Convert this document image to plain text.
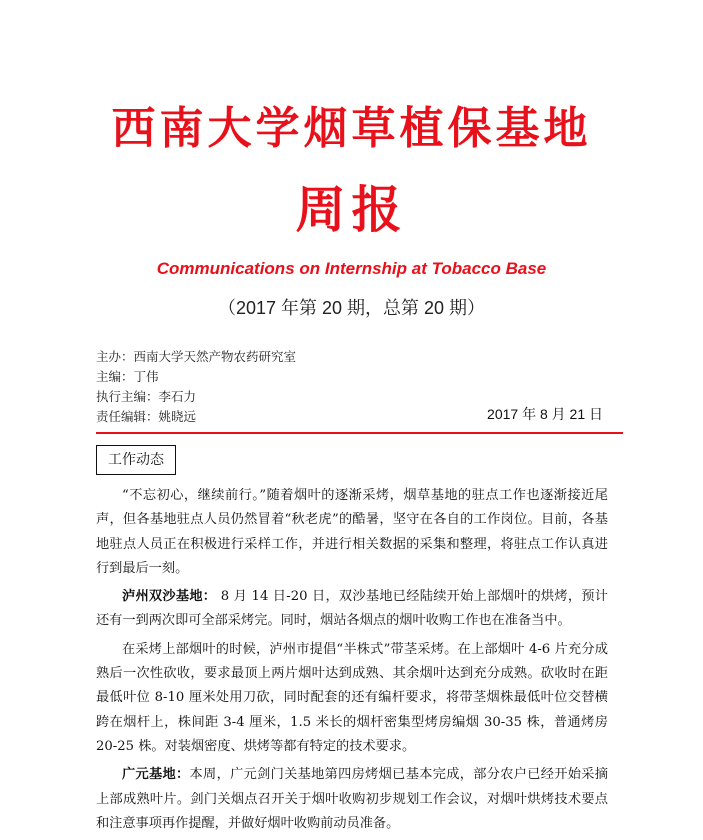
西南大学烟草植保基地
周报
Communications on Internship at Tobacco Base
（2017 年第 20 期，总第 20 期）
主办：西南大学天然产物农药研究室
主编：丁伟
执行主编：李石力
责任编辑：姚晓远	2017 年 8 月 21 日
工作动态

“不忘初心，继续前行。”随着烟叶的逐渐采烤，烟草基地的驻点工作也逐渐接近尾声，但各基地驻点人员仍然冒着“秋老虎”的酷暑，坚守在各自的工作岗位。目前，各基地驻点人员正在积极进行采样工作，并进行相关数据的采集和整理，将驻点工作认真进行到最后一刻。

泸州双沙基地： 8 月 14 日-20 日，双沙基地已经陆续开始上部烟叶的烘烤，预计还有一到两次即可全部采烤完。同时，烟站各烟点的烟叶收购工作也在准备当中。

在采烤上部烟叶的时候，泸州市提倡“半株式”带茎采烤。在上部烟叶 4-6 片充分成熟后一次性砍收，要求最顶上两片烟叶达到成熟、其余烟叶达到充分成熟。砍收时在距最低叶位 8-10 厘米处用刀砍，同时配套的还有编杆要求，将带茎烟株最低叶位交替横跨在烟杆上，株间距 3-4 厘米，1.5 米长的烟杆密集型烤房编烟 30-35 株，普通烤房 20-25 株。对装烟密度、烘烤等都有特定的技术要求。

广元基地：本周，广元剑门关基地第四房烤烟已基本完成，部分农户已经开始采摘上部成熟叶片。剑门关烟点召开关于烟叶收购初步规划工作会议，对烟叶烘烤技术要点和注意事项再作提醒，并做好烟叶收购前动员准备。
